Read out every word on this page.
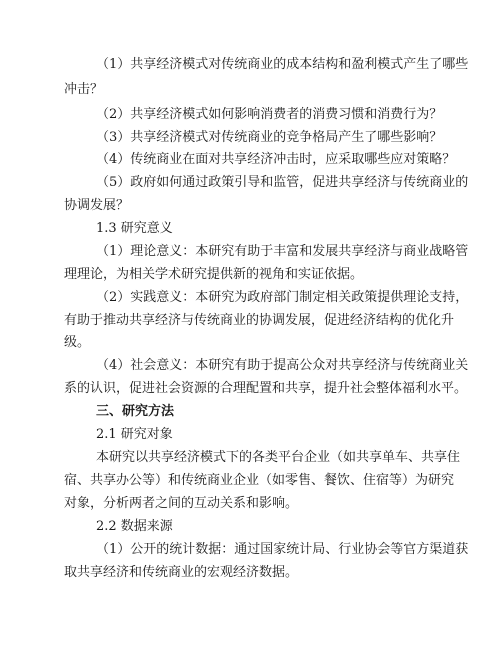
（1）共享经济模式对传统商业的成本结构和盈利模式产生了哪些
冲击？
（2）共享经济模式如何影响消费者的消费习惯和消费行为？
（3）共享经济模式对传统商业的竞争格局产生了哪些影响？
（4）传统商业在面对共享经济冲击时，应采取哪些应对策略？
（5）政府如何通过政策引导和监管，促进共享经济与传统商业的
协调发展？
1.3 研究意义
（1）理论意义：本研究有助于丰富和发展共享经济与商业战略管
理理论，为相关学术研究提供新的视角和实证依据。
（2）实践意义：本研究为政府部门制定相关政策提供理论支持，
有助于推动共享经济与传统商业的协调发展，促进经济结构的优化升
级。
（4）社会意义：本研究有助于提高公众对共享经济与传统商业关
系的认识，促进社会资源的合理配置和共享，提升社会整体福利水平。
三、研究方法
2.1 研究对象
本研究以共享经济模式下的各类平台企业（如共享单车、共享住
宿、共享办公等）和传统商业企业（如零售、餐饮、住宿等）为研究
对象，分析两者之间的互动关系和影响。
2.2 数据来源
（1）公开的统计数据：通过国家统计局、行业协会等官方渠道获
取共享经济和传统商业的宏观经济数据。
